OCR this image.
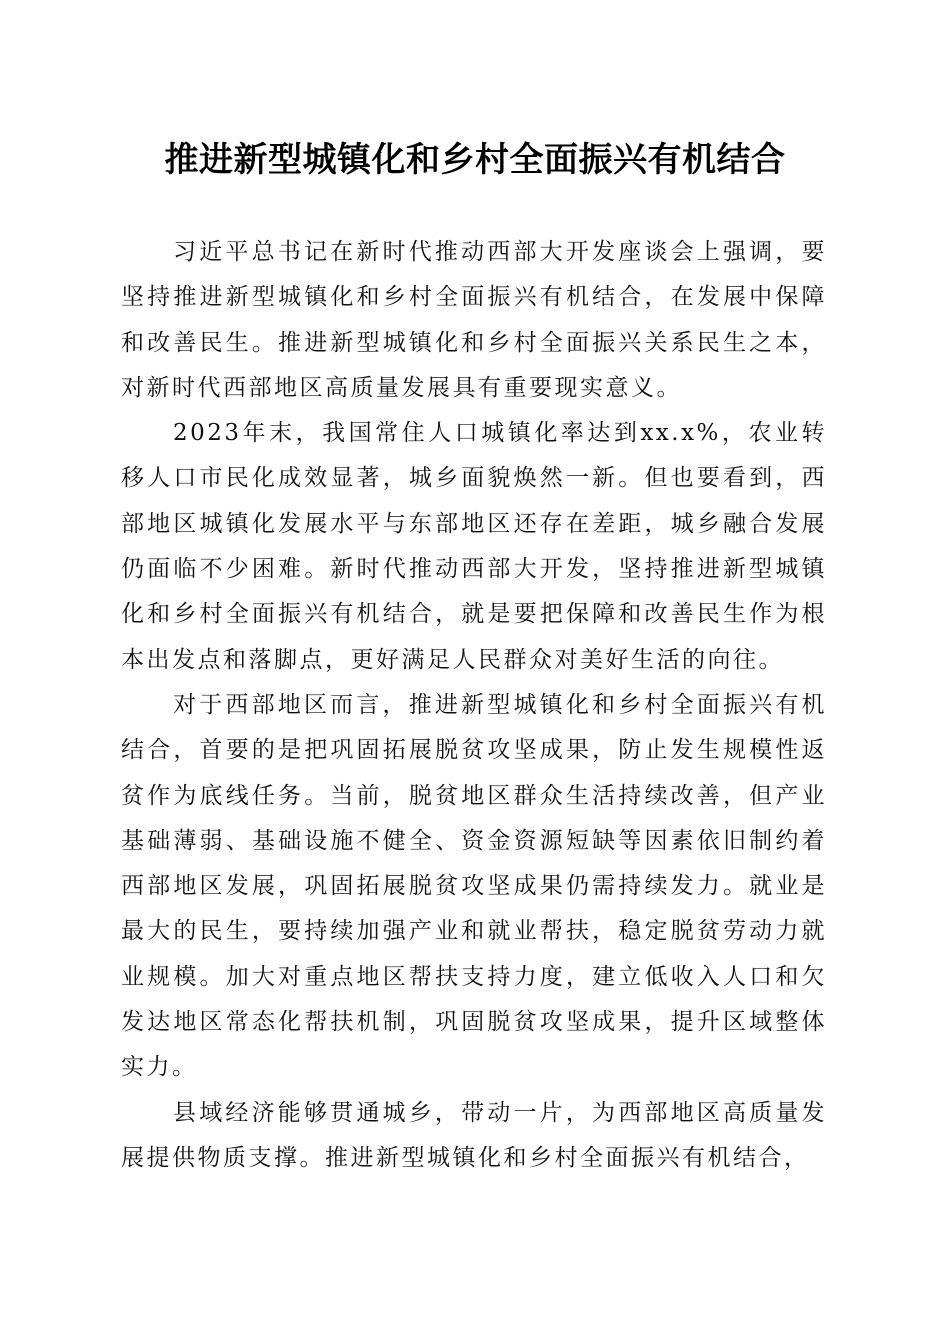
推进新型城镇化和乡村全面振兴有机结合

习近平总书记在新时代推动西部大开发座谈会上强调，要坚持推进新型城镇化和乡村全面振兴有机结合，在发展中保障和改善民生。推进新型城镇化和乡村全面振兴关系民生之本，对新时代西部地区高质量发展具有重要现实意义。

2023年末，我国常住人口城镇化率达到xx.x%，农业转移人口市民化成效显著，城乡面貌焕然一新。但也要看到，西部地区城镇化发展水平与东部地区还存在差距，城乡融合发展仍面临不少困难。新时代推动西部大开发，坚持推进新型城镇化和乡村全面振兴有机结合，就是要把保障和改善民生作为根本出发点和落脚点，更好满足人民群众对美好生活的向往。

对于西部地区而言，推进新型城镇化和乡村全面振兴有机结合，首要的是把巩固拓展脱贫攻坚成果，防止发生规模性返贫作为底线任务。当前，脱贫地区群众生活持续改善，但产业基础薄弱、基础设施不健全、资金资源短缺等因素依旧制约着西部地区发展，巩固拓展脱贫攻坚成果仍需持续发力。就业是最大的民生，要持续加强产业和就业帮扶，稳定脱贫劳动力就业规模。加大对重点地区帮扶支持力度，建立低收入人口和欠发达地区常态化帮扶机制，巩固脱贫攻坚成果，提升区域整体实力。

县域经济能够贯通城乡，带动一片，为西部地区高质量发展提供物质支撑。推进新型城镇化和乡村全面振兴有机结合，
